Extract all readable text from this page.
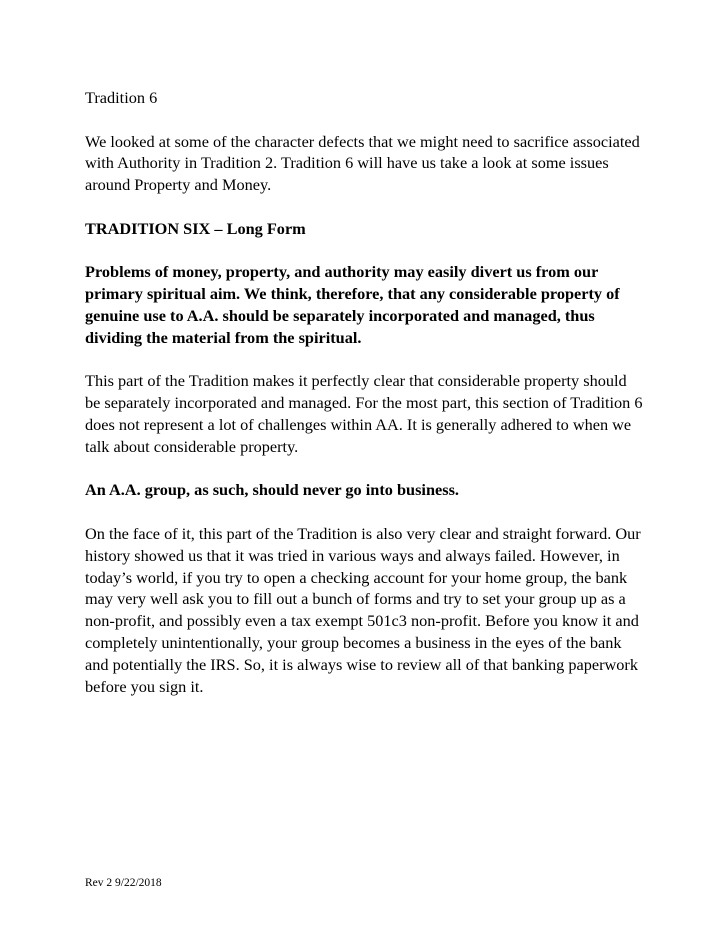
Tradition 6

We looked at some of the character defects that we might need to sacrifice associated with Authority in Tradition 2. Tradition 6 will have us take a look at some issues around Property and Money.

TRADITION SIX – Long Form

Problems of money, property, and authority may easily divert us from our primary spiritual aim. We think, therefore, that any considerable property of genuine use to A.A. should be separately incorporated and managed, thus dividing the material from the spiritual.

This part of the Tradition makes it perfectly clear that considerable property should be separately incorporated and managed. For the most part, this section of Tradition 6 does not represent a lot of challenges within AA. It is generally adhered to when we talk about considerable property.

An A.A. group, as such, should never go into business.

On the face of it, this part of the Tradition is also very clear and straight forward. Our history showed us that it was tried in various ways and always failed. However, in today’s world, if you try to open a checking account for your home group, the bank may very well ask you to fill out a bunch of forms and try to set your group up as a non-profit, and possibly even a tax exempt 501c3 non-profit. Before you know it and completely unintentionally, your group becomes a business in the eyes of the bank and potentially the IRS. So, it is always wise to review all of that banking paperwork before you sign it.

Rev 2 9/22/2018
